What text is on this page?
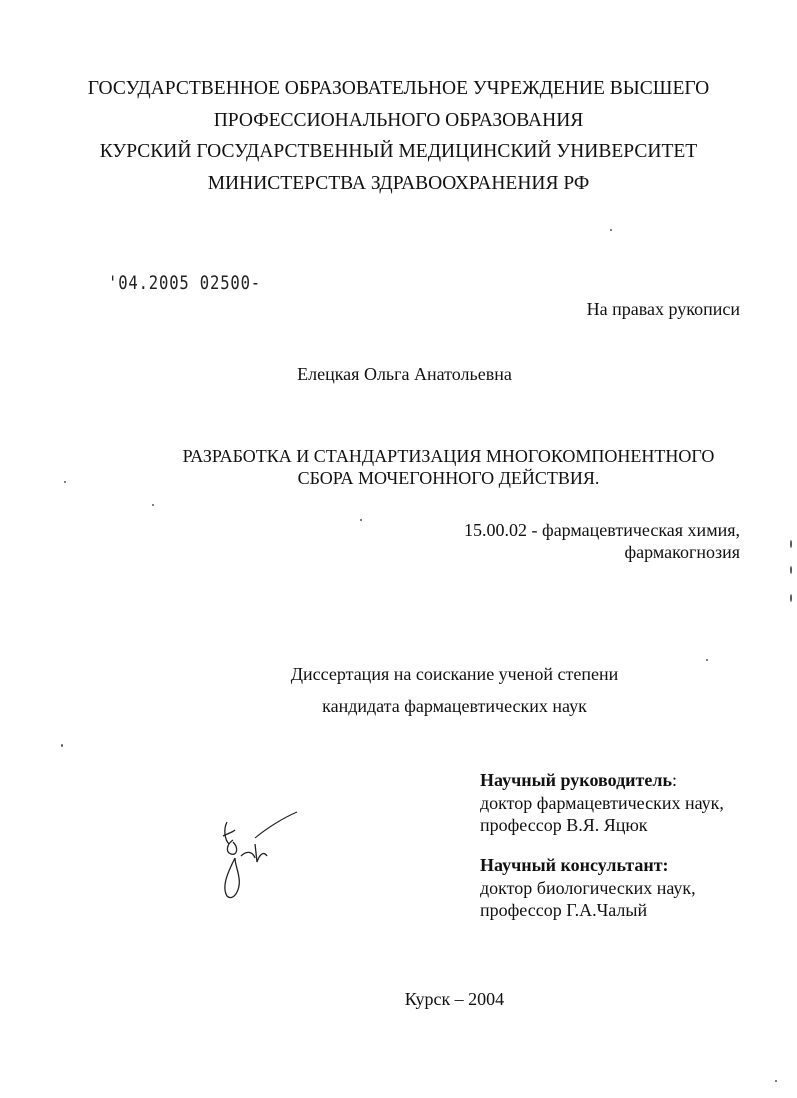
ГОСУДАРСТВЕННОЕ ОБРАЗОВАТЕЛЬНОЕ УЧРЕЖДЕНИЕ ВЫСШЕГО
ПРОФЕССИОНАЛЬНОГО ОБРАЗОВАНИЯ
КУРСКИЙ ГОСУДАРСТВЕННЫЙ МЕДИЦИНСКИЙ УНИВЕРСИТЕТ
МИНИСТЕРСТВА ЗДРАВООХРАНЕНИЯ РФ
'04.2005 02500-
На правах рукописи
Елецкая Ольга Анатольевна
РАЗРАБОТКА И СТАНДАРТИЗАЦИЯ МНОГОКОМПОНЕНТНОГО
СБОРА МОЧЕГОННОГО ДЕЙСТВИЯ.
15.00.02 - фармацевтическая химия,
фармакогнозия
Диссертация на соискание ученой степени
кандидата фармацевтических наук
Научный руководитель:
доктор фармацевтических наук,
профессор В.Я. Яцюк
Научный консультант:
доктор биологических наук,
профессор Г.А.Чалый
Курск – 2004
